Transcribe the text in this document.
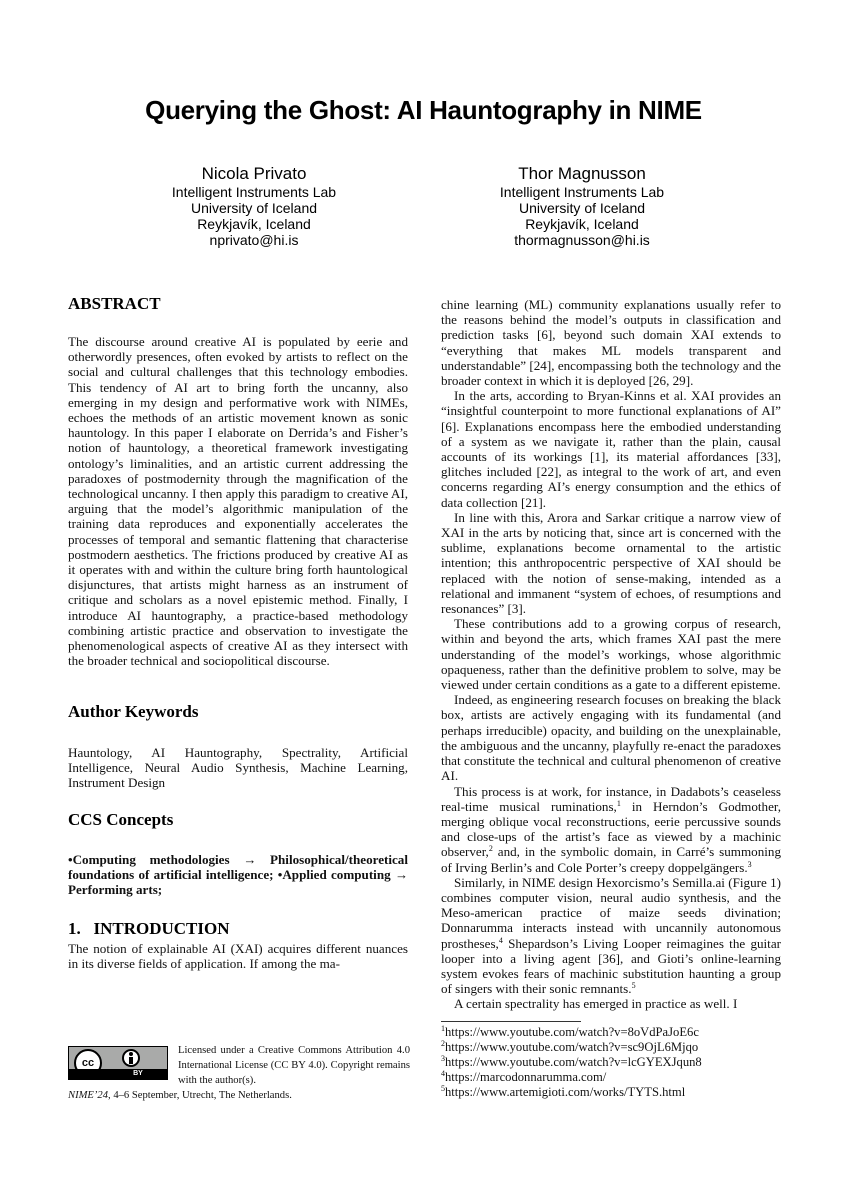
Querying the Ghost: AI Hauntography in NIME
Nicola Privato
Intelligent Instruments Lab
University of Iceland
Reykjavík, Iceland
nprivato@hi.is
Thor Magnusson
Intelligent Instruments Lab
University of Iceland
Reykjavík, Iceland
thormagnusson@hi.is
ABSTRACT

The discourse around creative AI is populated by eerie and otherwordly presences, often evoked by artists to reflect on the social and cultural challenges that this technology embodies. This tendency of AI art to bring forth the uncanny, also emerging in my design and performative work with NIMEs, echoes the methods of an artistic movement known as sonic hauntology. In this paper I elaborate on Derrida’s and Fisher’s notion of hauntology, a theoretical framework investigating ontology’s liminalities, and an artistic current addressing the paradoxes of postmodernity through the magnification of the technological uncanny. I then apply this paradigm to creative AI, arguing that the model’s algorithmic manipulation of the training data reproduces and exponentially accelerates the processes of temporal and semantic flattening that characterise postmodern aesthetics. The frictions produced by creative AI as it operates with and within the culture bring forth hauntological disjunctures, that artists might harness as an instrument of critique and scholars as a novel epistemic method. Finally, I introduce AI hauntography, a practice-based methodology combining artistic practice and observation to investigate the phenomenological aspects of creative AI as they intersect with the broader technical and sociopolitical discourse.

Author Keywords

Hauntology, AI Hauntography, Spectrality, Artificial Intelligence, Neural Audio Synthesis, Machine Learning, Instrument Design

CCS Concepts

•Computing methodologies → Philosophical/theoretical foundations of artificial intelligence; •Applied computing → Performing arts;

1.   INTRODUCTION

The notion of explainable AI (XAI) acquires different nuances in its diverse fields of application. If among the ma-

cc
BY
Licensed under a Creative Commons Attribution 4.0 International License (CC BY 4.0). Copyright remains with the author(s).
NIME’24, 4–6 September, Utrecht, The Netherlands.

chine learning (ML) community explanations usually refer to the reasons behind the model’s outputs in classification and prediction tasks [6], beyond such domain XAI extends to “everything that makes ML models transparent and understandable” [24], encompassing both the technology and the broader context in which it is deployed [26, 29].

In the arts, according to Bryan-Kinns et al. XAI provides an “insightful counterpoint to more functional explanations of AI” [6]. Explanations encompass here the embodied understanding of a system as we navigate it, rather than the plain, causal accounts of its workings [1], its material affordances [33], glitches included [22], as integral to the work of art, and even concerns regarding AI’s energy consumption and the ethics of data collection [21].

In line with this, Arora and Sarkar critique a narrow view of XAI in the arts by noticing that, since art is concerned with the sublime, explanations become ornamental to the artistic intention; this anthropocentric perspective of XAI should be replaced with the notion of sense-making, intended as a relational and immanent “system of echoes, of resumptions and resonances” [3].

These contributions add to a growing corpus of research, within and beyond the arts, which frames XAI past the mere understanding of the model’s workings, whose algorithmic opaqueness, rather than the definitive problem to solve, may be viewed under certain conditions as a gate to a different episteme.

Indeed, as engineering research focuses on breaking the black box, artists are actively engaging with its fundamental (and perhaps irreducible) opacity, and building on the unexplainable, the ambiguous and the uncanny, playfully re-enact the paradoxes that constitute the technical and cultural phenomenon of creative AI.

This process is at work, for instance, in Dadabots’s ceaseless real-time musical ruminations,$^1$ in Herndon’s Godmother, merging oblique vocal reconstructions, eerie percussive sounds and close-ups of the artist’s face as viewed by a machinic observer,$^2$ and, in the symbolic domain, in Carré’s summoning of Irving Berlin’s and Cole Porter’s creepy doppelgängers.$^3$

Similarly, in NIME design Hexorcismo’s Semilla.ai (Figure 1) combines computer vision, neural audio synthesis, and the Meso-american practice of maize seeds divination; Donnarumma interacts instead with uncannily autonomous prostheses,$^4$ Shepardson’s Living Looper reimagines the guitar looper into a living agent [36], and Gioti’s online-learning system evokes fears of machinic substitution haunting a group of singers with their sonic remnants.$^5$

A certain spectrality has emerged in practice as well. I

$^1$https://www.youtube.com/watch?v=8oVdPaJoE6c
$^2$https://www.youtube.com/watch?v=sc9OjL6Mjqo
$^3$https://www.youtube.com/watch?v=lcGYEXJqun8
$^4$https://marcodonnarumma.com/
$^5$https://www.artemigioti.com/works/TYTS.html
